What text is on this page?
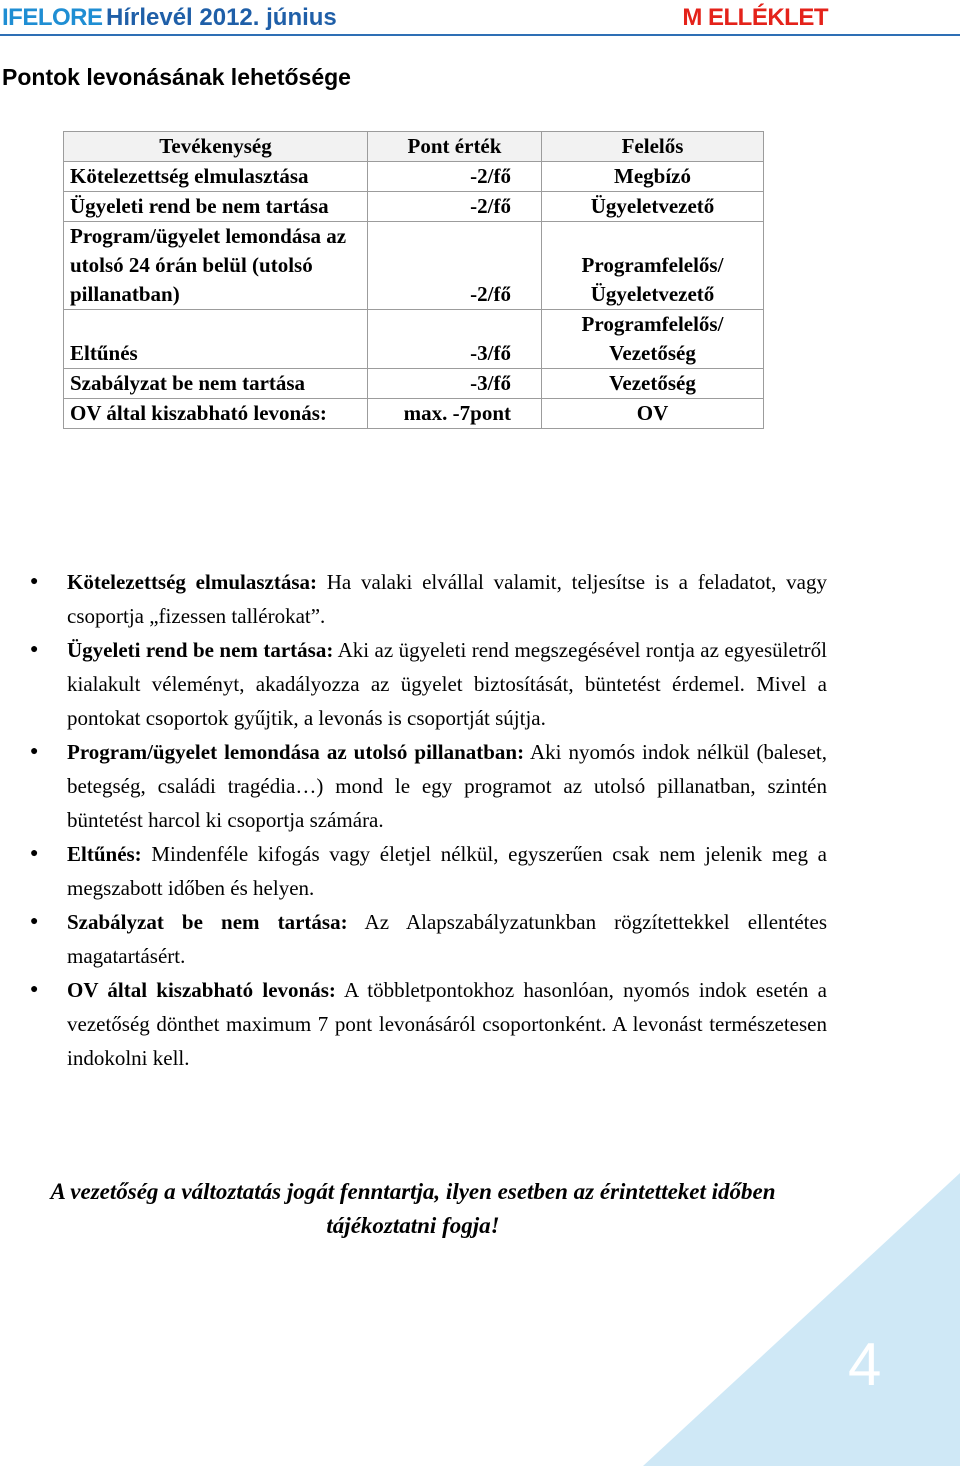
IFELORE Hírlevél 2012. június	M ELLÉKLET
Pontok levonásának lehetősége
Tevékenység	Pont érték	Felelős
Kötelezettség elmulasztása	-2/fő	Megbízó
Ügyeleti rend be nem tartása	-2/fő	Ügyeletvezető
Program/ügyelet lemondása az utolsó 24 órán belül (utolsó pillanatban)	-2/fő	Programfelelős/ Ügyeletvezető
Eltűnés	-3/fő	Programfelelős/ Vezetőség
Szabályzat be nem tartása	-3/fő	Vezetőség
OV által kiszabható levonás:	max. -7pont	OV
● Kötelezettség elmulasztása: Ha valaki elvállal valamit, teljesítse is a feladatot, vagy csoportja „fizessen tallérokat”.
● Ügyeleti rend be nem tartása: Aki az ügyeleti rend megszegésével rontja az egyesületről kialakult véleményt, akadályozza az ügyelet biztosítását, büntetést érdemel. Mivel a pontokat csoportok gyűjtik, a levonás is csoportját sújtja.
● Program/ügyelet lemondása az utolsó pillanatban: Aki nyomós indok nélkül (baleset, betegség, családi tragédia…) mond le egy programot az utolsó pillanatban, szintén büntetést harcol ki csoportja számára.
● Eltűnés: Mindenféle kifogás vagy életjel nélkül, egyszerűen csak nem jelenik meg a megszabott időben és helyen.
● Szabályzat be nem tartása: Az Alapszabályzatunkban rögzítettekkel ellentétes magatartásért.
● OV által kiszabható levonás: A többletpontokhoz hasonlóan, nyomós indok esetén a vezetőség dönthet maximum 7 pont levonásáról csoportonként. A levonást természetesen indokolni kell.
4
A vezetőség a változtatás jogát fenntartja, ilyen esetben az érintetteket időben
tájékoztatni fogja!
